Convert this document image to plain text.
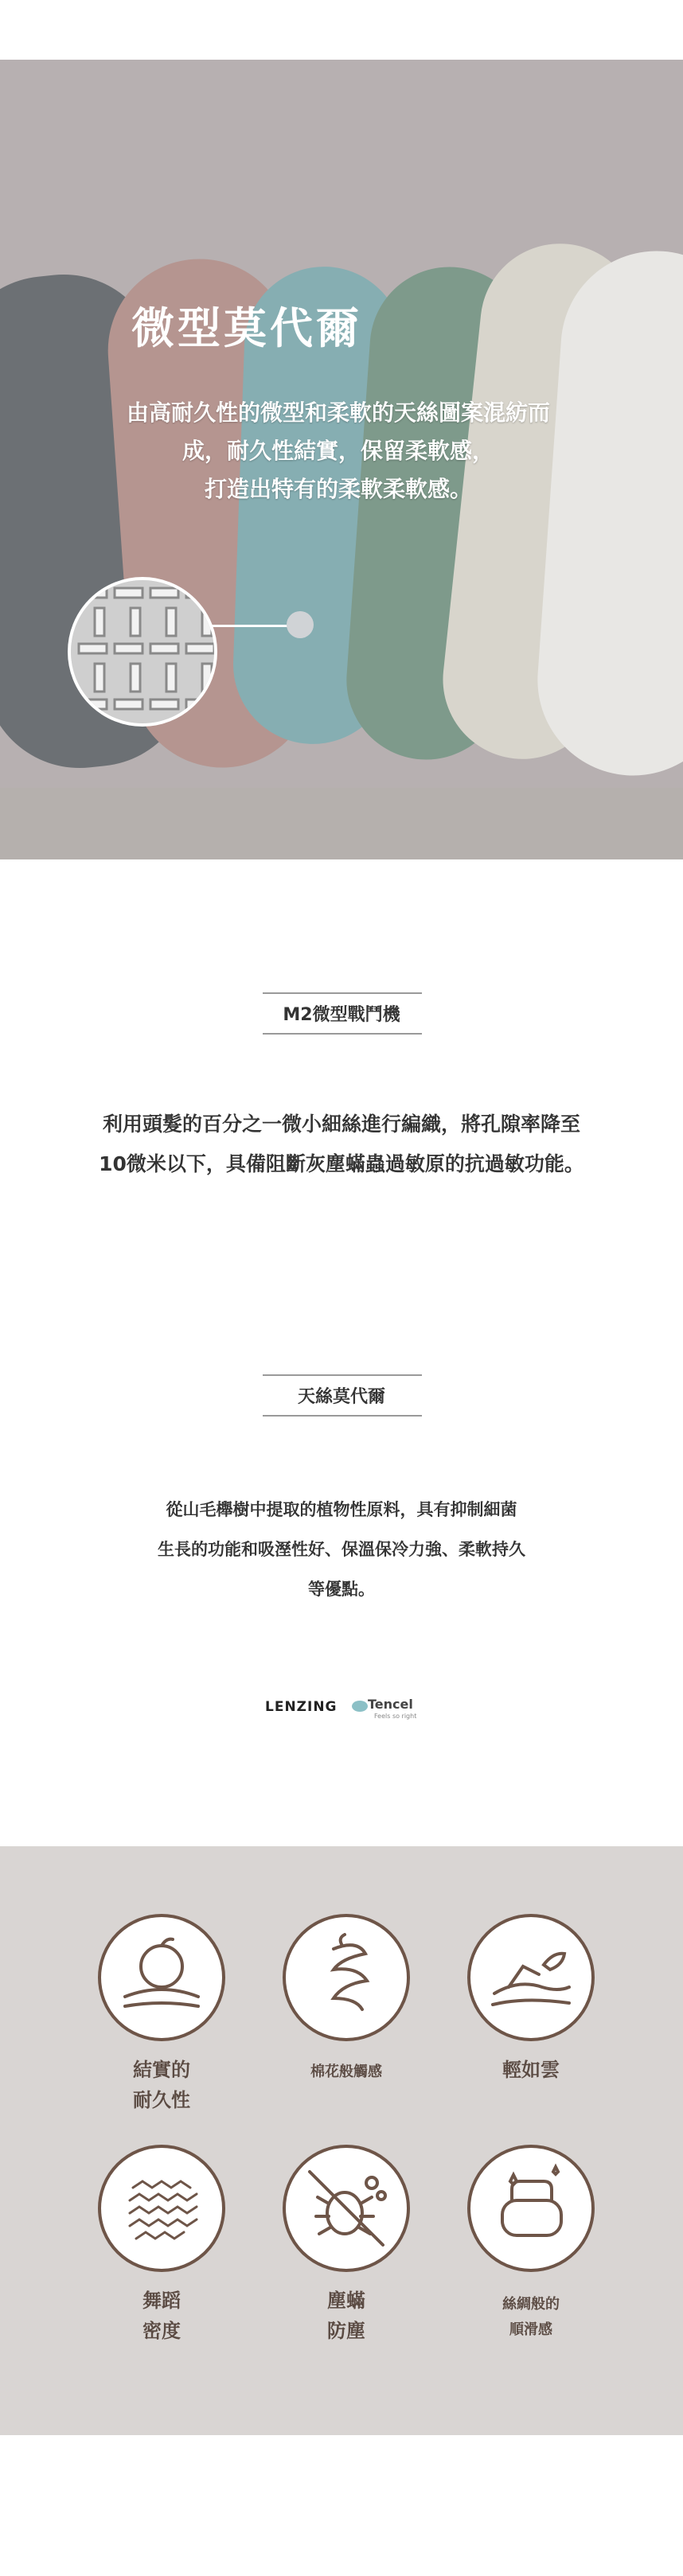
微型莫代爾
由高耐久性的微型和柔軟的天絲圖案混紡而
成，耐久性結實，保留柔軟感，
打造出特有的柔軟柔軟感。
M2微型戰鬥機
利用頭髮的百分之一微小細絲進行編織，將孔隙率降至
10微米以下，具備阻斷灰塵蟎蟲過敏原的抗過敏功能。
天絲莫代爾
從山毛櫸樹中提取的植物性原料，具有抑制細菌
生長的功能和吸溼性好、保溫保冷力強、柔軟持久
等優點。
LENZING Tencel
Feels so right
結實的
耐久性
棉花般觸感	輕如雲
舞蹈
密度
塵蟎
防塵
絲綢般的
順滑感
